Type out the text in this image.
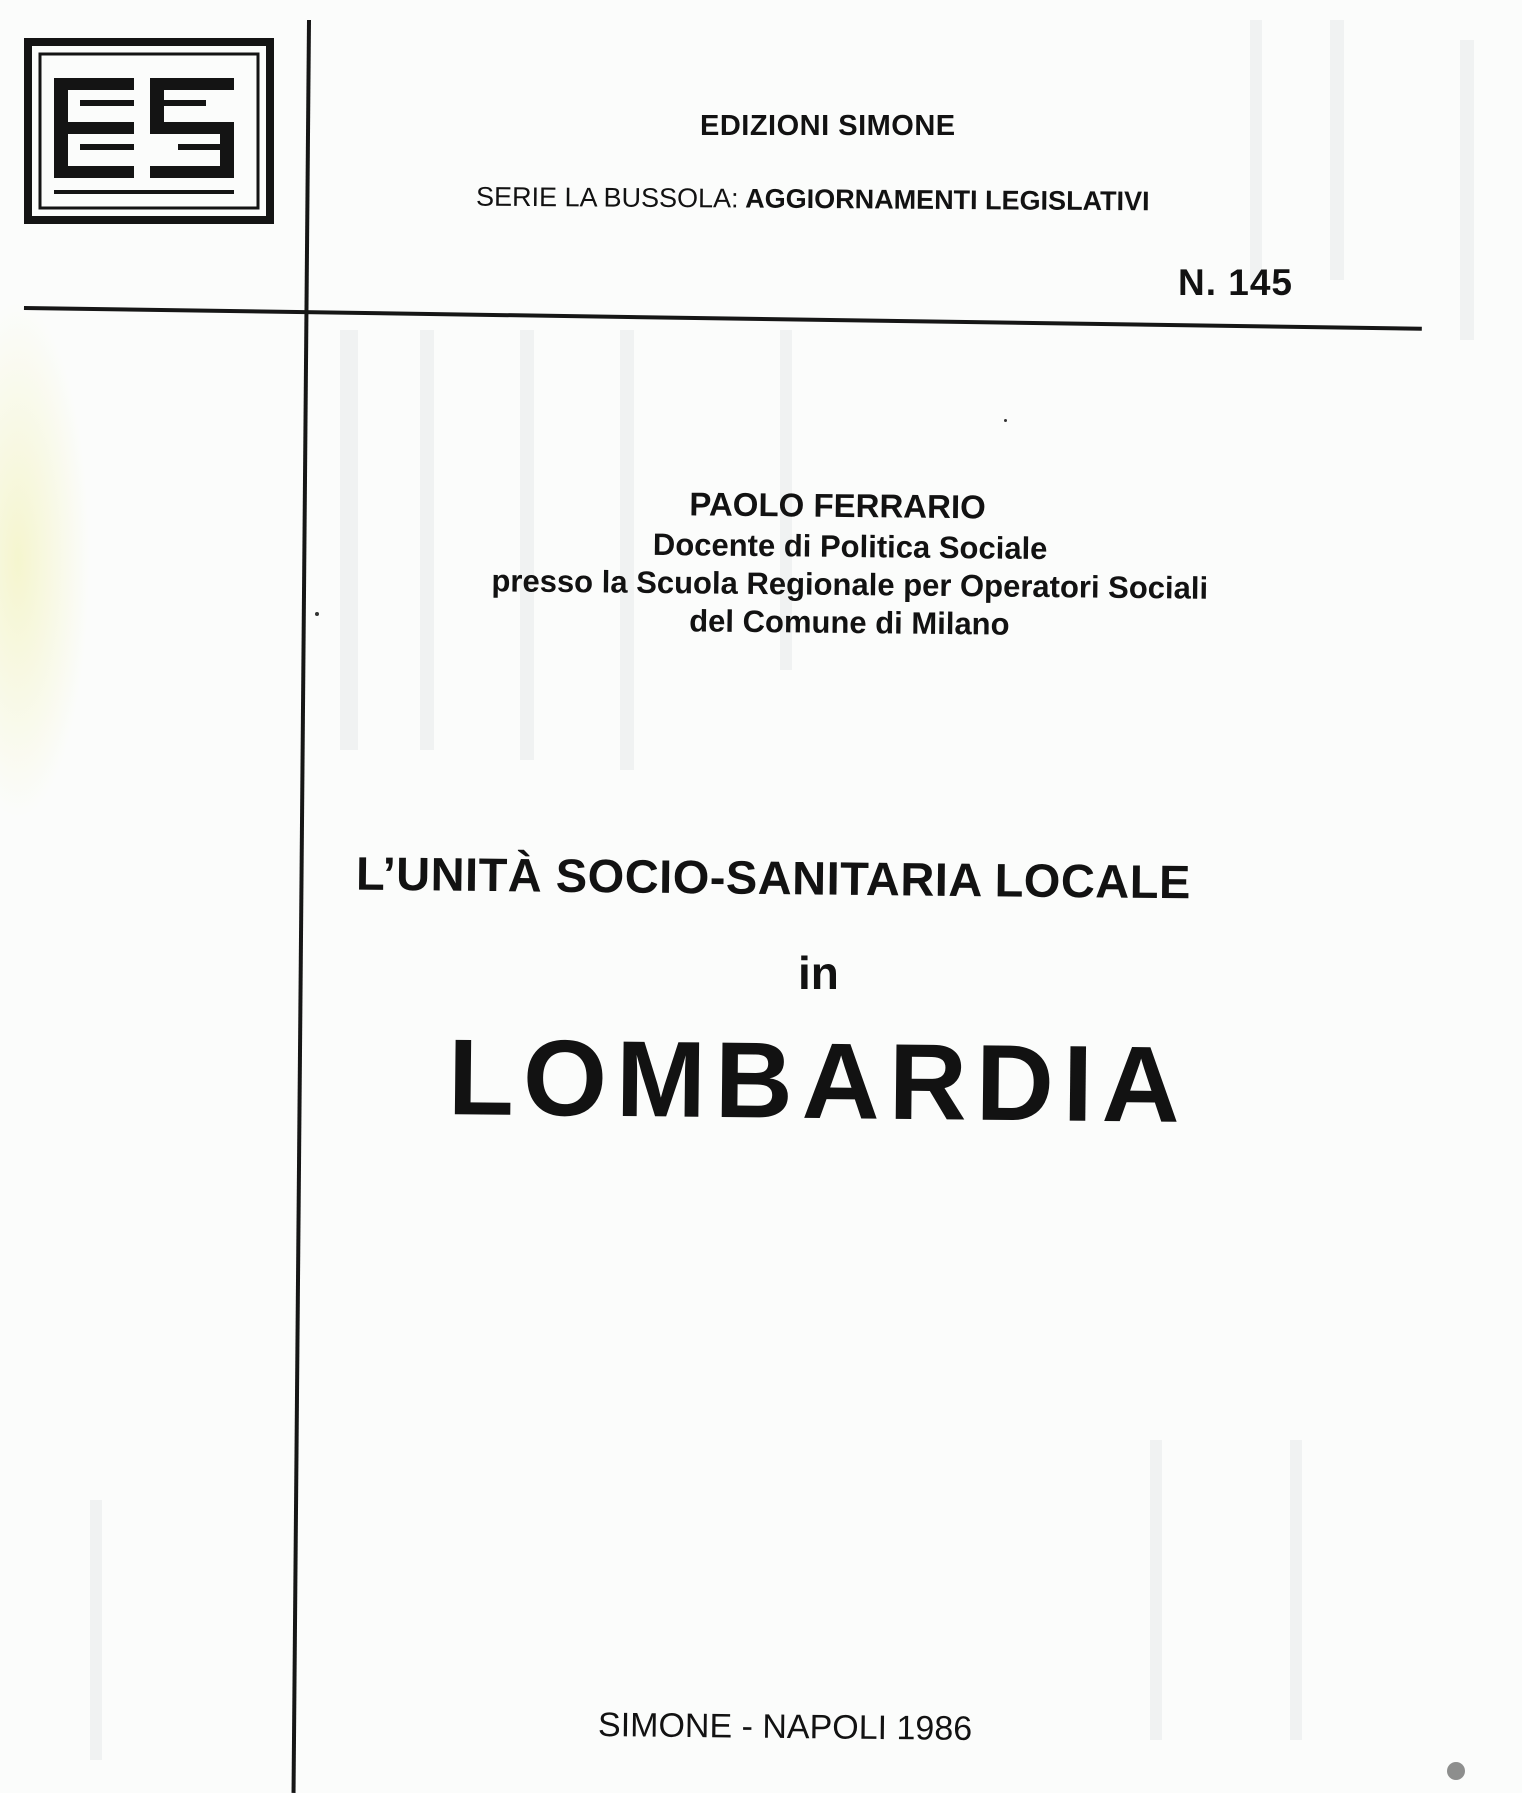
EDIZIONI SIMONE
SERIE LA BUSSOLA: AGGIORNAMENTI LEGISLATIVI
N. 145
PAOLO FERRARIO
Docente di Politica Sociale
presso la Scuola Regionale per Operatori Sociali
del Comune di Milano
L’UNITÀ SOCIO-SANITARIA LOCALE
in
LOMBARDIA
SIMONE - NAPOLI 1986
